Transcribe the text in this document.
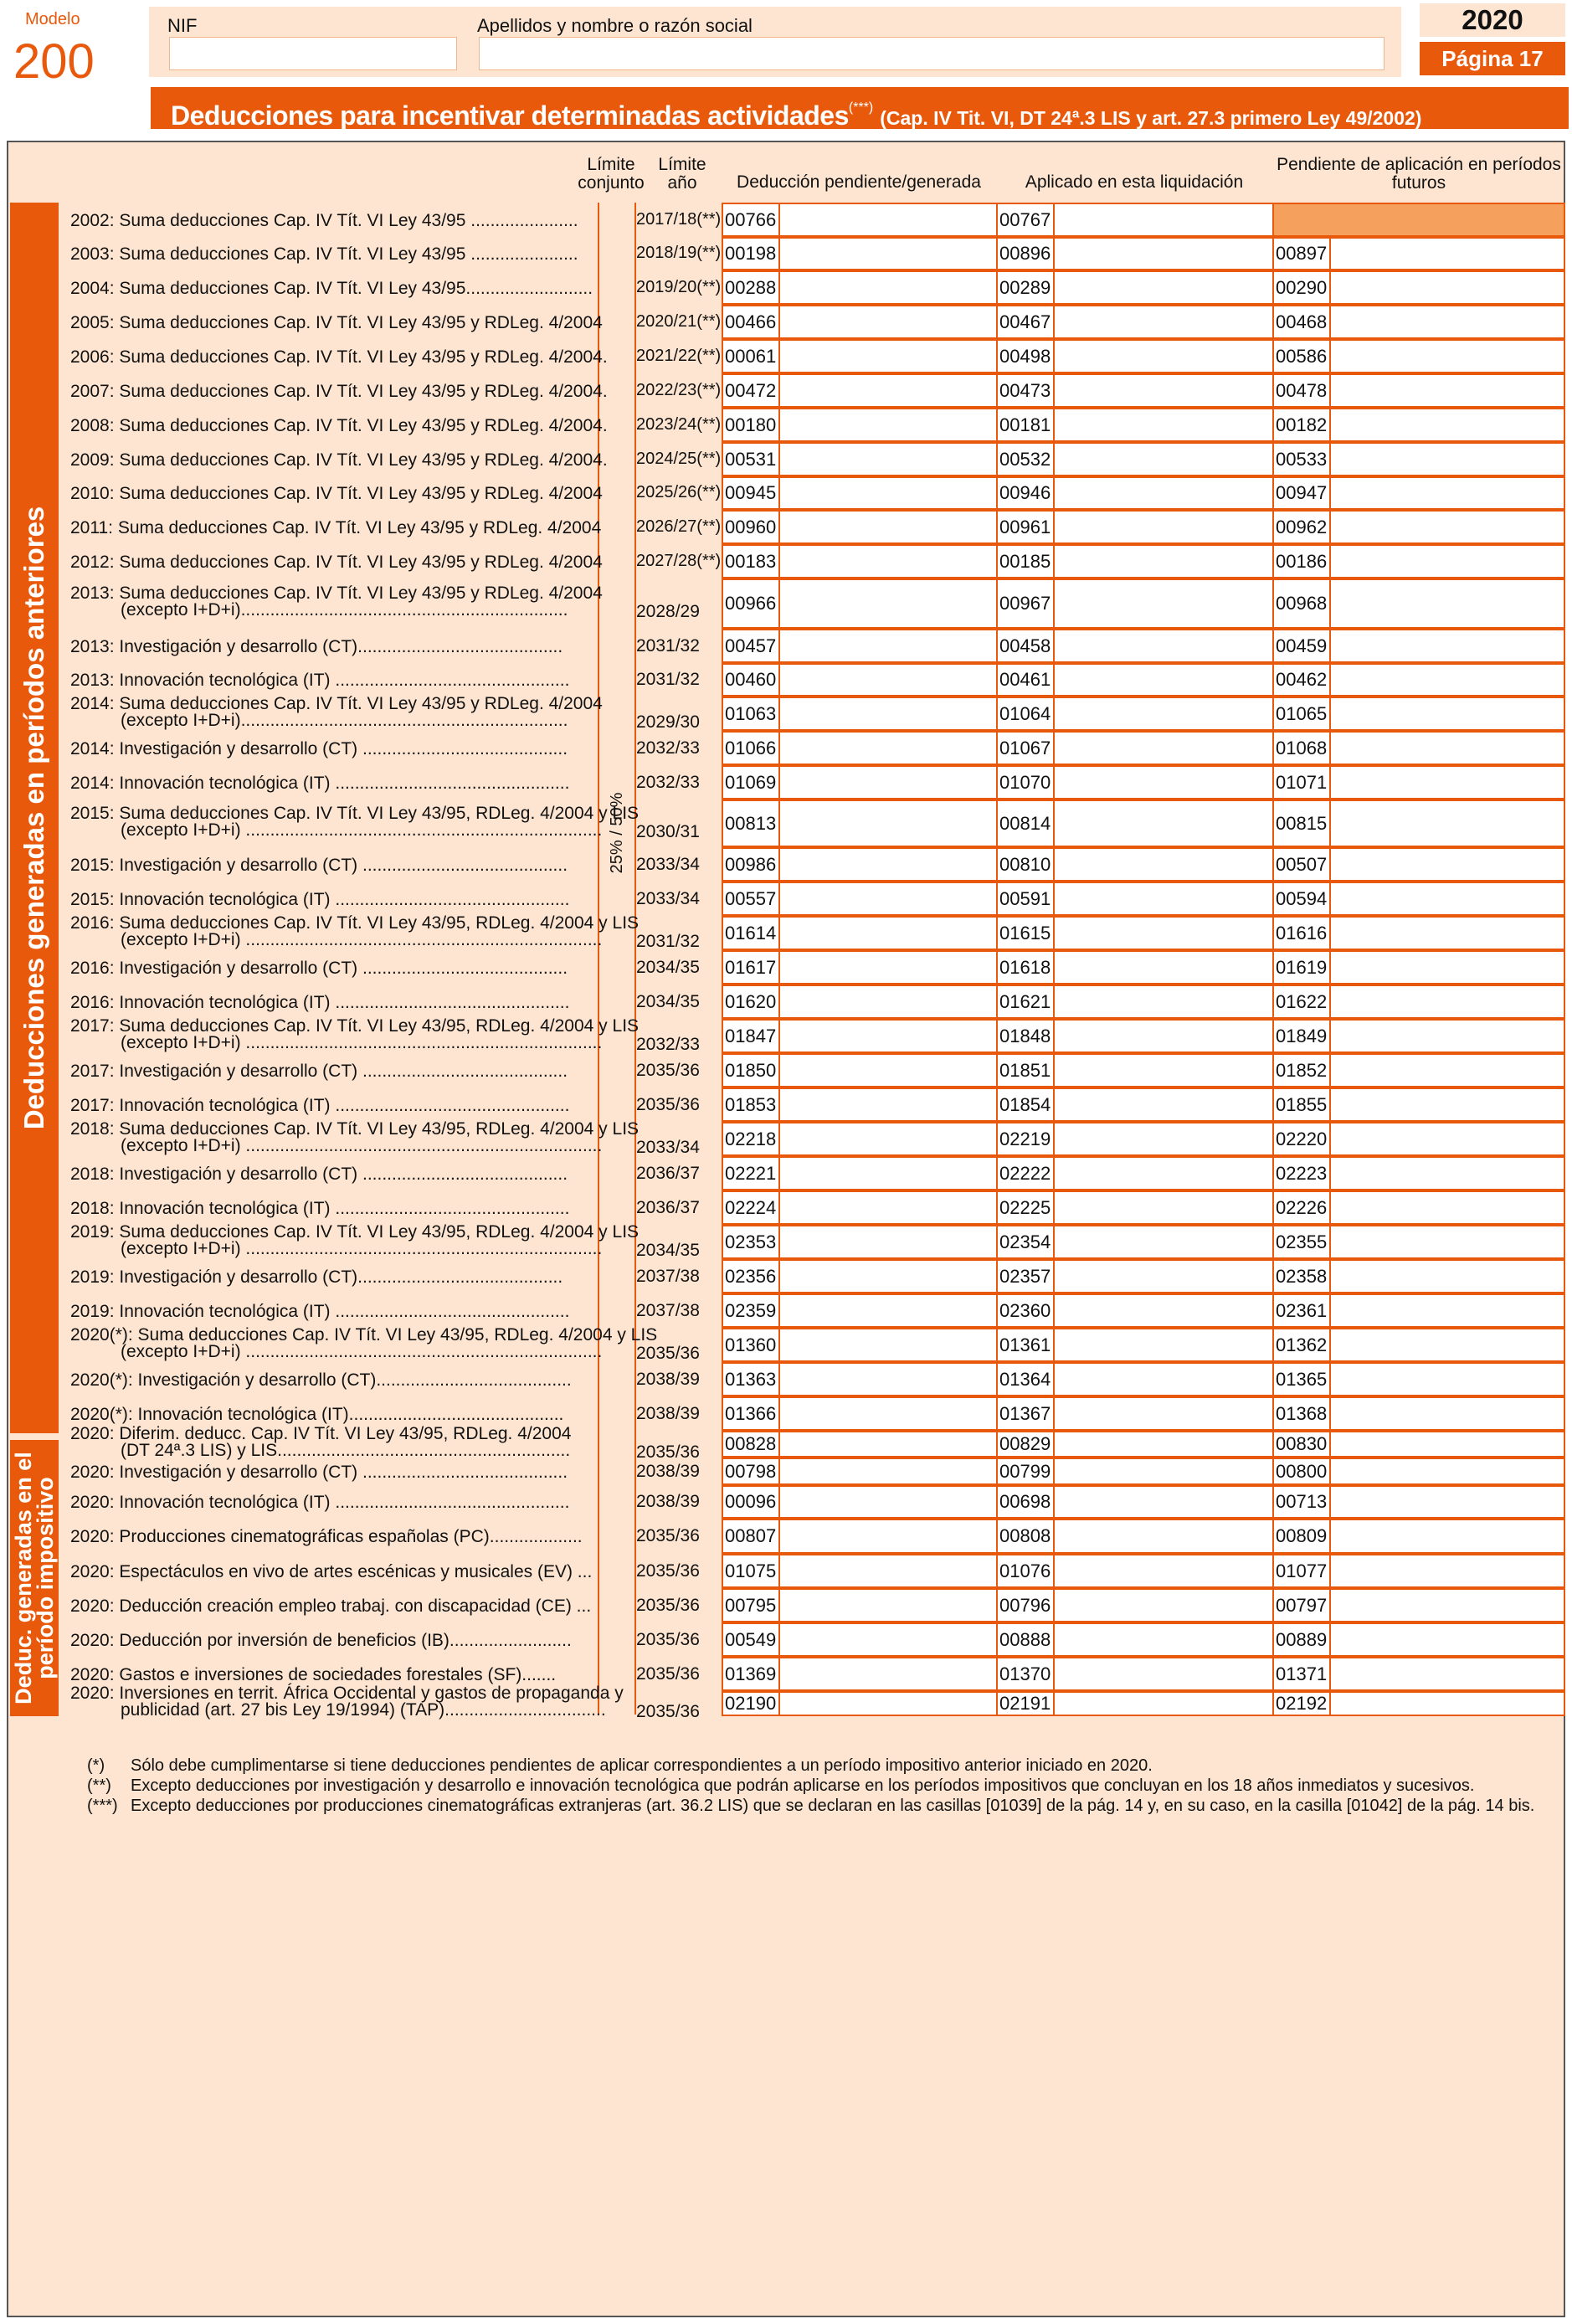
Modelo
200
NIF	Apellidos y nombre o razón social	2020
Página 17
Deducciones para incentivar determinadas actividades(***) (Cap. IV Tit. VI, DT 24ª.3 LIS y art. 27.3 primero Ley 49/2002)
Límite conjunto
Límite año	Deducción pendiente/generada	Aplicado en esta liquidación
Pendiente de aplicación en períodos futuros
Deducciones generadas en períodos anteriores
Deduc. generadas en el período impositivo
25% / 50%
2002: Suma deducciones Cap. IV Tít. VI Ley 43/95 ......................	2017/18(**) 00766	00767
2003: Suma deducciones Cap. IV Tít. VI Ley 43/95 ......................	2018/19(**) 00198	00896	00897
2004: Suma deducciones Cap. IV Tít. VI Ley 43/95..........................	2019/20(**) 00288	00289	00290
2005: Suma deducciones Cap. IV Tít. VI Ley 43/95 y RDLeg. 4/2004 2020/21(**) 00466	00467	00468
2006: Suma deducciones Cap. IV Tít. VI Ley 43/95 y RDLeg. 4/2004. 2021/22(**) 00061	00498	00586
2007: Suma deducciones Cap. IV Tít. VI Ley 43/95 y RDLeg. 4/2004. 2022/23(**) 00472	00473	00478
2008: Suma deducciones Cap. IV Tít. VI Ley 43/95 y RDLeg. 4/2004. 2023/24(**) 00180	00181	00182
2009: Suma deducciones Cap. IV Tít. VI Ley 43/95 y RDLeg. 4/2004. 2024/25(**) 00531	00532	00533
2010: Suma deducciones Cap. IV Tít. VI Ley 43/95 y RDLeg. 4/2004 2025/26(**) 00945	00946	00947
2011: Suma deducciones Cap. IV Tít. VI Ley 43/95 y RDLeg. 4/2004 2026/27(**) 00960	00961	00962
2012: Suma deducciones Cap. IV Tít. VI Ley 43/95 y RDLeg. 4/2004 2027/28(**) 00183	00185	00186
2013: Suma deducciones Cap. IV Tít. VI Ley 43/95 y RDLeg. 4/2004
(excepto I+D+i)...................................................................	2028/29	00966	00967	00968
2013: Investigación y desarrollo (CT)..........................................	2031/32	00457	00458	00459
2013: Innovación tecnológica (IT) ................................................	2031/32	00460	00461	00462
2014: Suma deducciones Cap. IV Tít. VI Ley 43/95 y RDLeg. 4/2004
(excepto I+D+i)...................................................................	2029/30	01063	01064	01065
2014: Investigación y desarrollo (CT) ..........................................	2032/33	01066	01067	01068
2014: Innovación tecnológica (IT) ................................................	2032/33	01069	01070	01071
2015: Suma deducciones Cap. IV Tít. VI Ley 43/95, RDLeg. 4/2004 y LIS
(excepto I+D+i) ......................................................................... 2030/31	00813	00814	00815
2015: Investigación y desarrollo (CT) ..........................................	2033/34	00986	00810	00507
2015: Innovación tecnológica (IT) ................................................	2033/34	00557	00591	00594
2016: Suma deducciones Cap. IV Tít. VI Ley 43/95, RDLeg. 4/2004 y LIS
(excepto I+D+i) ......................................................................... 2031/32	01614	01615	01616
2016: Investigación y desarrollo (CT) ..........................................	2034/35	01617	01618	01619
2016: Innovación tecnológica (IT) ................................................	2034/35	01620	01621	01622
2017: Suma deducciones Cap. IV Tít. VI Ley 43/95, RDLeg. 4/2004 y LIS
(excepto I+D+i) ......................................................................... 2032/33	01847	01848	01849
2017: Investigación y desarrollo (CT) ..........................................	2035/36	01850	01851	01852
2017: Innovación tecnológica (IT) ................................................	2035/36	01853	01854	01855
2018: Suma deducciones Cap. IV Tít. VI Ley 43/95, RDLeg. 4/2004 y LIS
(excepto I+D+i) ......................................................................... 2033/34	02218	02219	02220
2018: Investigación y desarrollo (CT) ..........................................	2036/37	02221	02222	02223
2018: Innovación tecnológica (IT) ................................................	2036/37	02224	02225	02226
2019: Suma deducciones Cap. IV Tít. VI Ley 43/95, RDLeg. 4/2004 y LIS
(excepto I+D+i) ......................................................................... 2034/35	02353	02354	02355
2019: Investigación y desarrollo (CT)..........................................	2037/38	02356	02357	02358
2019: Innovación tecnológica (IT) ................................................	2037/38	02359	02360	02361
2020(*): Suma deducciones Cap. IV Tít. VI Ley 43/95, RDLeg. 4/2004 y LIS
(excepto I+D+i) ......................................................................... 2035/36	01360	01361	01362
2020(*): Investigación y desarrollo (CT)........................................	2038/39	01363	01364	01365
2020(*): Innovación tecnológica (IT)............................................	2038/39	01366	01367	01368
2020: Diferim. deducc. Cap. IV Tít. VI Ley 43/95, RDLeg. 4/2004
(DT 24ª.3 LIS) y LIS............................................................	2035/36	00828	00829	00830
2020: Investigación y desarrollo (CT) ..........................................	2038/39	00798	00799	00800
2020: Innovación tecnológica (IT) ................................................	2038/39	00096	00698	00713
2020: Producciones cinematográficas españolas (PC)...................	2035/36	00807	00808	00809
2020: Espectáculos en vivo de artes escénicas y musicales (EV) ...	2035/36	01075	01076	01077
2020: Deducción creación empleo trabaj. con discapacidad (CE) ...	2035/36	00795	00796	00797
2020: Deducción por inversión de beneficios (IB).........................	2035/36	00549	00888	00889
2020: Gastos e inversiones de sociedades forestales (SF).......	2035/36	01369	01370	01371
2020: Inversiones en territ. África Occidental y gastos de propaganda y
publicidad (art. 27 bis Ley 19/1994) (TAP)................................. 2035/36	02190	02191	02192
(*) Sólo debe cumplimentarse si tiene deducciones pendientes de aplicar correspondientes a un período impositivo anterior iniciado en 2020.
(**) Excepto deducciones por investigación y desarrollo e innovación tecnológica que podrán aplicarse en los períodos impositivos que concluyan en los 18 años inmediatos y sucesivos.
(***) Excepto deducciones por producciones cinematográficas extranjeras (art. 36.2 LIS) que se declaran en las casillas [01039] de la pág. 14 y, en su caso, en la casilla [01042] de la pág. 14 bis.
